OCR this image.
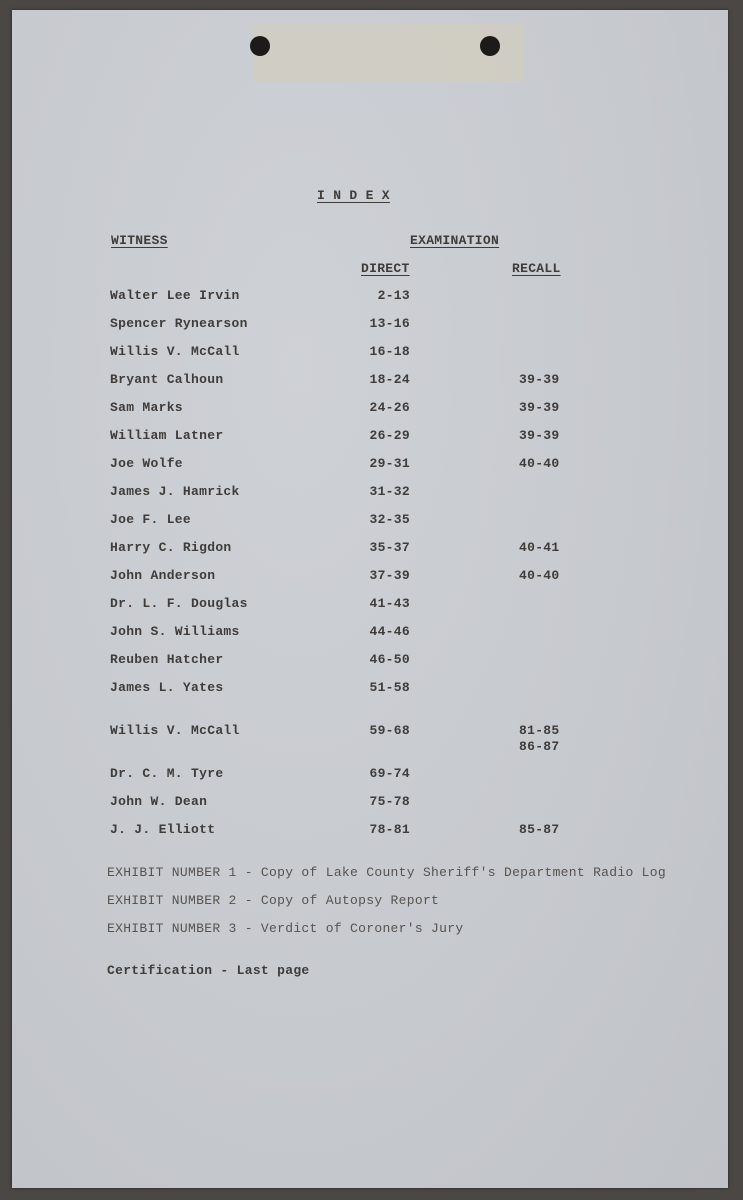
I N D E X
WITNESS	EXAMINATION
DIRECT	RECALL
Walter Lee Irvin	2-13
Spencer Rynearson	13-16
Willis V. McCall	16-18
Bryant Calhoun	18-24	39-39
Sam Marks	24-26	39-39
William Latner	26-29	39-39
Joe Wolfe	29-31	40-40
James J. Hamrick	31-32
Joe F. Lee	32-35
Harry C. Rigdon	35-37	40-41
John Anderson	37-39	40-40
Dr. L. F. Douglas	41-43
John S. Williams	44-46
Reuben Hatcher	46-50
James L. Yates	51-58
Willis V. McCall	59-68	81-85
86-87
Dr. C. M. Tyre	69-74
John W. Dean	75-78
J. J. Elliott	78-81	85-87
EXHIBIT NUMBER 1 - Copy of Lake County Sheriff's Department Radio Log
EXHIBIT NUMBER 2 - Copy of Autopsy Report
EXHIBIT NUMBER 3 - Verdict of Coroner's Jury
Certification - Last page
